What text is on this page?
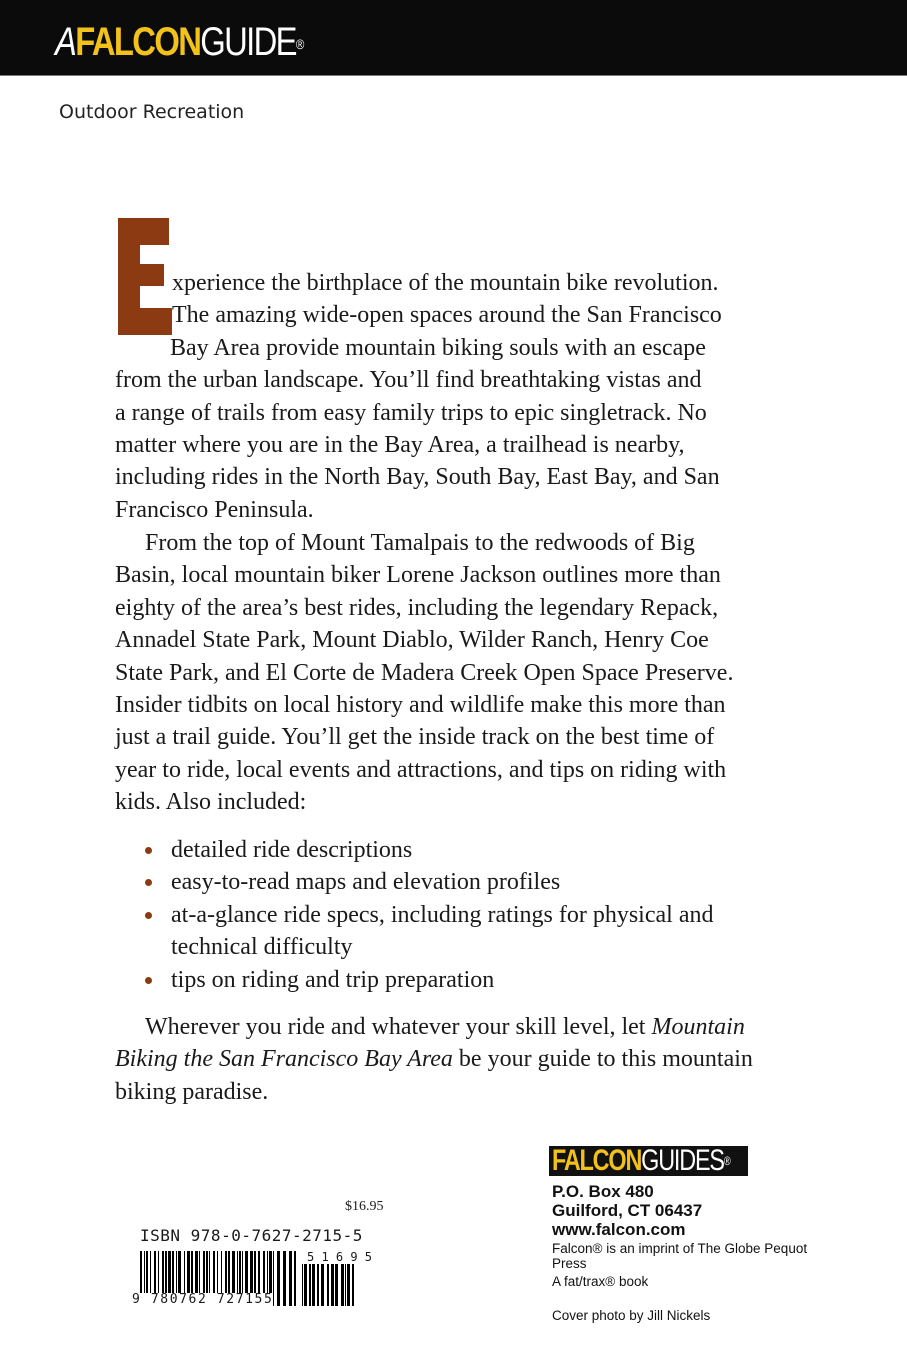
AFALCONGUIDE®
Outdoor Recreation
xperience the birthplace of the mountain bike revolution.
The amazing wide-open spaces around the San Francisco
Bay Area provide mountain biking souls with an escape
from the urban landscape. You’ll find breathtaking vistas and
a range of trails from easy family trips to epic singletrack. No
matter where you are in the Bay Area, a trailhead is nearby,
including rides in the North Bay, South Bay, East Bay, and San
Francisco Peninsula.
From the top of Mount Tamalpais to the redwoods of Big
Basin, local mountain biker Lorene Jackson outlines more than
eighty of the area’s best rides, including the legendary Repack,
Annadel State Park, Mount Diablo, Wilder Ranch, Henry Coe
State Park, and El Corte de Madera Creek Open Space Preserve.
Insider tidbits on local history and wildlife make this more than
just a trail guide. You’ll get the inside track on the best time of
year to ride, local events and attractions, and tips on riding with
kids. Also included:
detailed ride descriptions
easy-to-read maps and elevation profiles
at-a-glance ride specs, including ratings for physical and
technical difficulty
tips on riding and trip preparation
Wherever you ride and whatever your skill level, let Mountain
Biking the San Francisco Bay Area be your guide to this mountain
biking paradise.
$16.95
ISBN 978-0-7627-2715-5
9 780762 727155
5 1 6 9 5
FALCONGUIDES®
P.O. Box 480
Guilford, CT 06437
www.falcon.com
Falcon® is an imprint of The Globe Pequot
Press
A fat/trax® book
Cover photo by Jill Nickels
